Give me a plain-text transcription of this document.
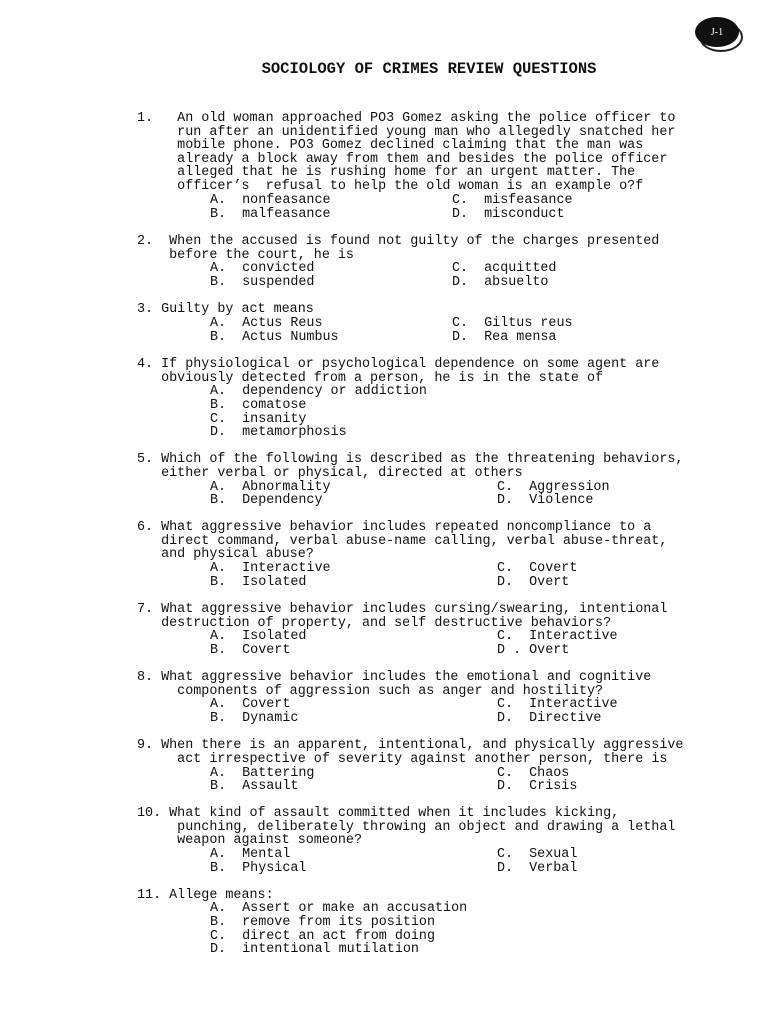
J-1
SOCIOLOGY OF CRIMES REVIEW QUESTIONS
1.   An old woman approached PO3 Gomez asking the police officer to
run after an unidentified young man who allegedly snatched her
mobile phone. PO3 Gomez declined claiming that the man was
already a block away from them and besides the police officer
alleged that he is rushing home for an urgent matter. The
officer’s  refusal to help the old woman is an example o?f
A.  nonfeasance
B.  malfeasance
C.  misfeasance
D.  misconduct
2.  When the accused is found not guilty of the charges presented
before the court, he is
A.  convicted
B.  suspended
C.  acquitted
D.  absuelto
3. Guilty by act means
A.  Actus Reus
B.  Actus Numbus
C.  Giltus reus
D.  Rea mensa
4. If physiological or psychological dependence on some agent are
obviously detected from a person, he is in the state of
A.  dependency or addiction
B.  comatose
C.  insanity
D.  metamorphosis
5. Which of the following is described as the threatening behaviors,
either verbal or physical, directed at others
A.  Abnormality
B.  Dependency
C.  Aggression
D.  Violence
6. What aggressive behavior includes repeated noncompliance to a
direct command, verbal abuse-name calling, verbal abuse-threat,
and physical abuse?
A.  Interactive
B.  Isolated
C.  Covert
D.  Overt
7. What aggressive behavior includes cursing/swearing, intentional
destruction of property, and self destructive behaviors?
A.  Isolated
B.  Covert
C.  Interactive
D . Overt
8. What aggressive behavior includes the emotional and cognitive
components of aggression such as anger and hostility?
A.  Covert
B.  Dynamic
C.  Interactive
D.  Directive
9. When there is an apparent, intentional, and physically aggressive
act irrespective of severity against another person, there is
A.  Battering
B.  Assault
C.  Chaos
D.  Crisis
10. What kind of assault committed when it includes kicking,
punching, deliberately throwing an object and drawing a lethal
weapon against someone?
A.  Mental
B.  Physical
C.  Sexual
D.  Verbal
11. Allege means:
A.  Assert or make an accusation
B.  remove from its position
C.  direct an act from doing
D.  intentional mutilation
